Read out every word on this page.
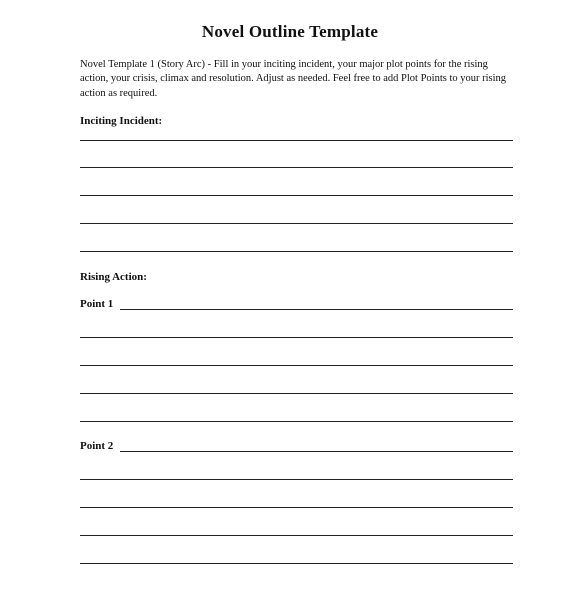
Novel Outline Template
Novel Template 1 (Story Arc) - Fill in your inciting incident, your major plot points for the rising action, your crisis, climax and resolution. Adjust as needed. Feel free to add Plot Points to your rising action as required.
Inciting Incident:
Rising Action:
Point 1
Point 2
